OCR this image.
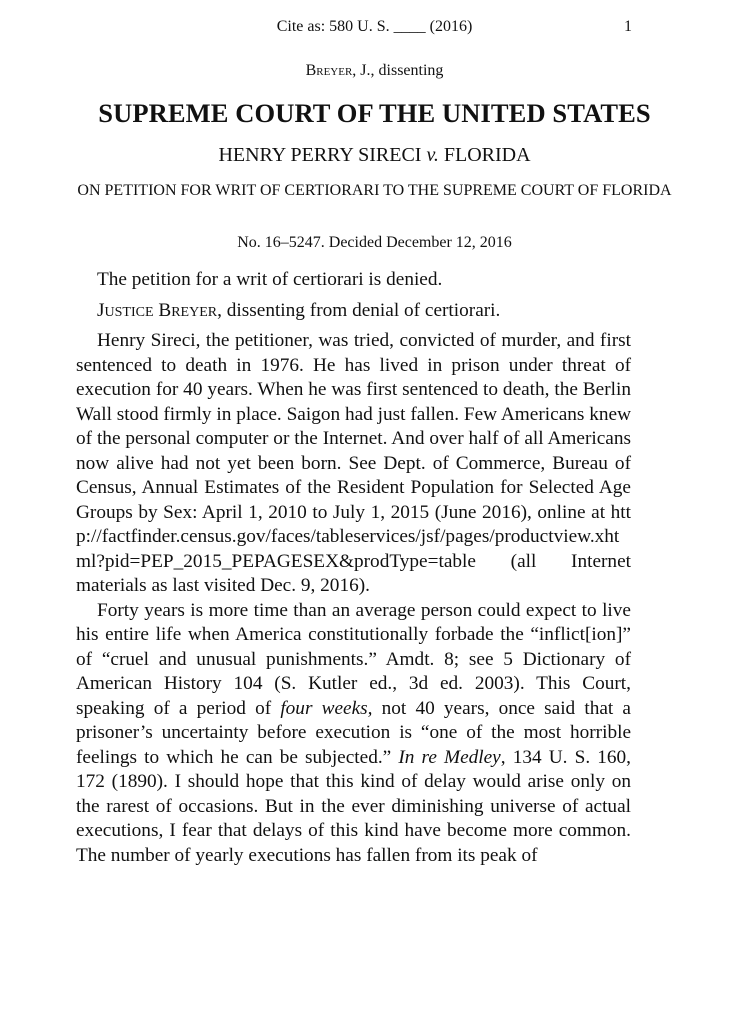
Cite as: 580 U. S. ____ (2016)	1
Breyer, J., dissenting
SUPREME COURT OF THE UNITED STATES
HENRY PERRY SIRECI v. FLORIDA
ON PETITION FOR WRIT OF CERTIORARI TO THE SUPREME COURT OF FLORIDA
No. 16–5247. Decided December 12, 2016

The petition for a writ of certiorari is denied.

Justice Breyer, dissenting from denial of certiorari.

Henry Sireci, the petitioner, was tried, convicted of murder, and first sentenced to death in 1976. He has lived in prison under threat of execution for 40 years. When he was first sentenced to death, the Berlin Wall stood firmly in place. Saigon had just fallen. Few Americans knew of the personal computer or the Internet. And over half of all Americans now alive had not yet been born. See Dept. of Commerce, Bureau of Census, Annual Estimates of the Resident Population for Selected Age Groups by Sex: April 1, 2010 to July 1, 2015 (June 2016), online at http://factfinder.census.gov/faces/tableservices/jsf/pages/productview.xhtml?pid=PEP_2015_PEPAGESEX&prodType=table (all Internet materials as last visited Dec. 9, 2016).

Forty years is more time than an average person could expect to live his entire life when America constitutionally forbade the “inflict[ion]” of “cruel and unusual punishments.” Amdt. 8; see 5 Dictionary of American History 104 (S. Kutler ed., 3d ed. 2003). This Court, speaking of a period of four weeks, not 40 years, once said that a prisoner’s uncertainty before execution is “one of the most horrible feelings to which he can be subjected.” In re Medley, 134 U. S. 160, 172 (1890). I should hope that this kind of delay would arise only on the rarest of occasions. But in the ever diminishing universe of actual executions, I fear that delays of this kind have become more common. The number of yearly executions has fallen from its peak of
